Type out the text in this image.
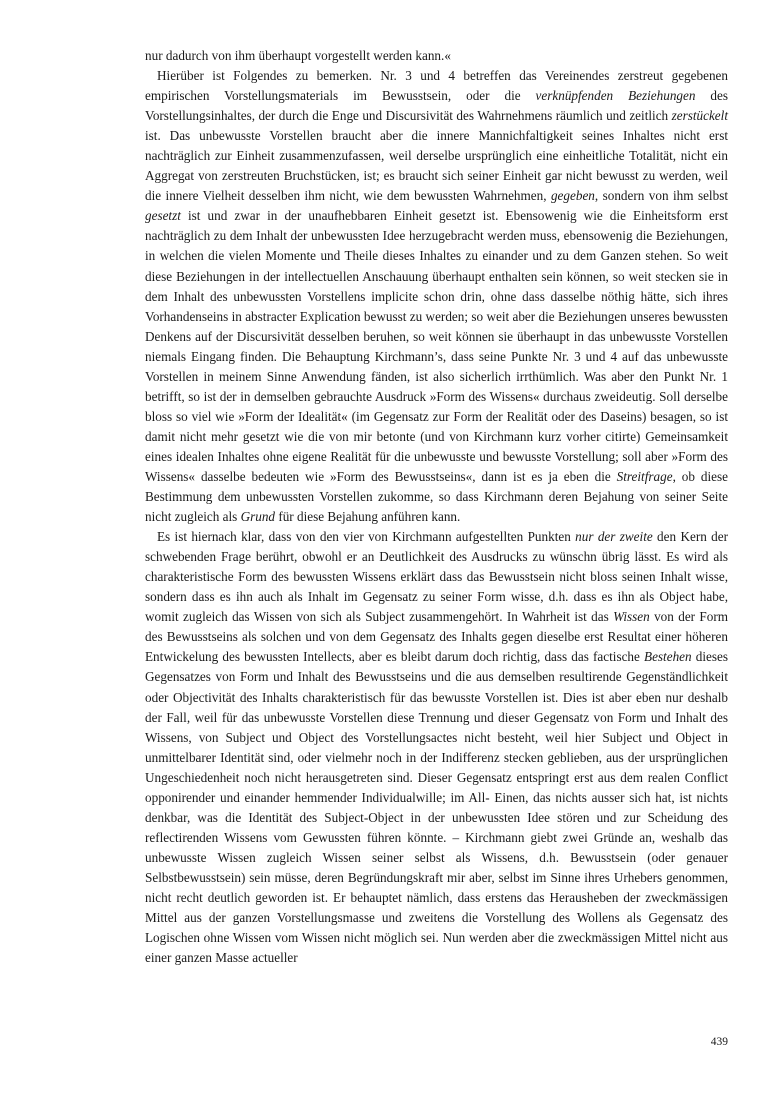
nur dadurch von ihm überhaupt vorgestellt werden kann.«

Hierüber ist Folgendes zu bemerken. Nr. 3 und 4 betreffen das Vereinendes zerstreut gegebenen empirischen Vorstellungsmaterials im Bewusstsein, oder die verknüpfenden Beziehungen des Vorstellungsinhaltes, der durch die Enge und Discursivität des Wahrnehmens räumlich und zeitlich zerstückelt ist. Das unbewusste Vorstellen braucht aber die innere Mannichfaltigkeit seines Inhaltes nicht erst nachträglich zur Einheit zusammenzufassen, weil derselbe ursprünglich eine einheitliche Totalität, nicht ein Aggregat von zerstreuten Bruchstücken, ist; es braucht sich seiner Einheit gar nicht bewusst zu werden, weil die innere Vielheit desselben ihm nicht, wie dem bewussten Wahrnehmen, gegeben, sondern von ihm selbst gesetzt ist und zwar in der unaufhebbaren Einheit gesetzt ist. Ebensowenig wie die Einheitsform erst nachträglich zu dem Inhalt der unbewussten Idee herzugebracht werden muss, ebensowenig die Beziehungen, in welchen die vielen Momente und Theile dieses Inhaltes zu einander und zu dem Ganzen stehen. So weit diese Beziehungen in der intellectuellen Anschauung überhaupt enthalten sein können, so weit stecken sie in dem Inhalt des unbewussten Vorstellens implicite schon drin, ohne dass dasselbe nöthig hätte, sich ihres Vorhandenseins in abstracter Explication bewusst zu werden; so weit aber die Beziehungen unseres bewussten Denkens auf der Discursivität desselben beruhen, so weit können sie überhaupt in das unbewusste Vorstellen niemals Eingang finden. Die Behauptung Kirchmann’s, dass seine Punkte Nr. 3 und 4 auf das unbewusste Vorstellen in meinem Sinne Anwendung fänden, ist also sicherlich irrthümlich. Was aber den Punkt Nr. 1 betrifft, so ist der in demselben gebrauchte Ausdruck »Form des Wissens« durchaus zweideutig. Soll derselbe bloss so viel wie »Form der Idealität« (im Gegensatz zur Form der Realität oder des Daseins) besagen, so ist damit nicht mehr gesetzt wie die von mir betonte (und von Kirchmann kurz vorher citirte) Gemeinsamkeit eines idealen Inhaltes ohne eigene Realität für die unbewusste und bewusste Vorstellung; soll aber »Form des Wissens« dasselbe bedeuten wie »Form des Bewusstseins«, dann ist es ja eben die Streitfrage, ob diese Bestimmung dem unbewussten Vorstellen zukomme, so dass Kirchmann deren Bejahung von seiner Seite nicht zugleich als Grund für diese Bejahung anführen kann.

Es ist hiernach klar, dass von den vier von Kirchmann aufgestellten Punkten nur der zweite den Kern der schwebenden Frage berührt, obwohl er an Deutlichkeit des Ausdrucks zu wünschn übrig lässt. Es wird als charakteristische Form des bewussten Wissens erklärt dass das Bewusstsein nicht bloss seinen Inhalt wisse, sondern dass es ihn auch als Inhalt im Gegensatz zu seiner Form wisse, d.h. dass es ihn als Object habe, womit zugleich das Wissen von sich als Subject zusammengehört. In Wahrheit ist das Wissen von der Form des Bewusstseins als solchen und von dem Gegensatz des Inhalts gegen dieselbe erst Resultat einer höheren Entwickelung des bewussten Intellects, aber es bleibt darum doch richtig, dass das factische Bestehen dieses Gegensatzes von Form und Inhalt des Bewusstseins und die aus demselben resultirende Gegenständlichkeit oder Objectivität des Inhalts charakteristisch für das bewusste Vorstellen ist. Dies ist aber eben nur deshalb der Fall, weil für das unbewusste Vorstellen diese Trennung und dieser Gegensatz von Form und Inhalt des Wissens, von Subject und Object des Vorstellungsactes nicht besteht, weil hier Subject und Object in unmittelbarer Identität sind, oder vielmehr noch in der Indifferenz stecken geblieben, aus der ursprünglichen Ungeschiedenheit noch nicht herausgetreten sind. Dieser Gegensatz entspringt erst aus dem realen Conflict opponirender und einander hemmender Individualwille; im All- Einen, das nichts ausser sich hat, ist nichts denkbar, was die Identität des Subject-Object in der unbewussten Idee stören und zur Scheidung des reflectirenden Wissens vom Gewussten führen könnte. – Kirchmann giebt zwei Gründe an, weshalb das unbewusste Wissen zugleich Wissen seiner selbst als Wissens, d.h. Bewusstsein (oder genauer Selbstbewusstsein) sein müsse, deren Begründungskraft mir aber, selbst im Sinne ihres Urhebers genommen, nicht recht deutlich geworden ist. Er behauptet nämlich, dass erstens das Herausheben der zweckmässigen Mittel aus der ganzen Vorstellungsmasse und zweitens die Vorstellung des Wollens als Gegensatz des Logischen ohne Wissen vom Wissen nicht möglich sei. Nun werden aber die zweckmässigen Mittel nicht aus einer ganzen Masse actueller

439
